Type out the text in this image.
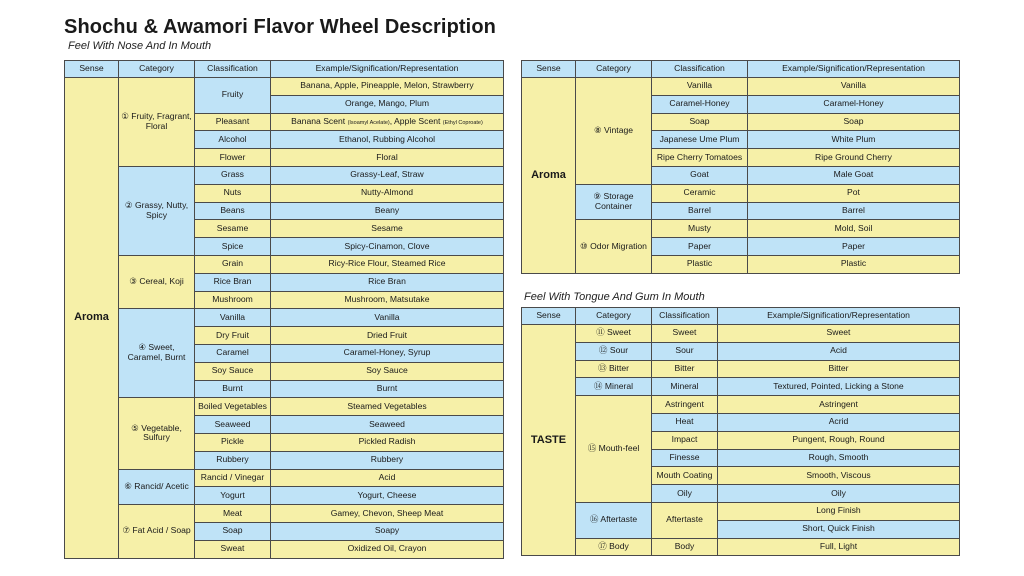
Shochu & Awamori Flavor Wheel Description
Feel With Nose And In Mouth
Feel With Tongue And Gum In Mouth
Sense	Category	Classification	Example/Signification/Representation
Aroma	① Fruity, Fragrant, Floral	Fruity	Banana, Apple, Pineapple, Melon, Strawberry
			Orange, Mango, Plum
		Pleasant	Banana Scent (Isoamyl Acelate), Apple Scent (Ethyl Coproate)
		Alcohol	Ethanol, Rubbing Alcohol
		Flower	Floral
	② Grassy, Nutty, Spicy	Grass	Grassy-Leaf, Straw
		Nuts	Nutty-Almond
		Beans	Beany
		Sesame	Sesame
		Spice	Spicy-Cinamon, Clove
	③ Cereal, Koji	Grain	Ricy-Rice Flour, Steamed Rice
		Rice Bran	Rice Bran
		Mushroom	Mushroom, Matsutake
	④ Sweet, Caramel, Burnt	Vanilla	Vanilla
		Dry Fruit	Dried Fruit
		Caramel	Caramel-Honey, Syrup
		Soy Sauce	Soy Sauce
		Burnt	Burnt
	⑤ Vegetable, Sulfury	Boiled Vegetables	Steamed Vegetables
		Seaweed	Seaweed
		Pickle	Pickled Radish
		Rubbery	Rubbery
	⑥ Rancid/ Acetic	Rancid / Vinegar	Acid
		Yogurt	Yogurt, Cheese
	⑦ Fat Acid / Soap	Meat	Gamey, Chevon, Sheep Meat
		Soap	Soapy
		Sweat	Oxidized Oil, Crayon
Sense	Category	Classification	Example/Signification/Representation
Aroma	⑧ Vintage	Vanilla	Vanilla
		Caramel-Honey	Caramel-Honey
		Soap	Soap
		Japanese Ume Plum	White Plum
		Ripe Cherry Tomatoes	Ripe Ground Cherry
		Goat	Male Goat
	⑨ Storage Container	Ceramic	Pot
		Barrel	Barrel
	⑩ Odor Migration	Musty	Mold, Soil
		Paper	Paper
		Plastic	Plastic
Sense	Category	Classification	Example/Signification/Representation
TASTE	⑪ Sweet	Sweet	Sweet
	⑫ Sour	Sour	Acid
	⑬ Bitter	Bitter	Bitter
	⑭ Mineral	Mineral	Textured, Pointed, Licking a Stone
	⑮ Mouth-feel	Astringent	Astringent
		Heat	Acrid
		Impact	Pungent, Rough, Round
		Finesse	Rough, Smooth
		Mouth Coating	Smooth, Viscous
		Oily	Oily
	⑯ Aftertaste	Aftertaste	Long Finish
			Short, Quick Finish
	⑰ Body	Body	Full, Light
